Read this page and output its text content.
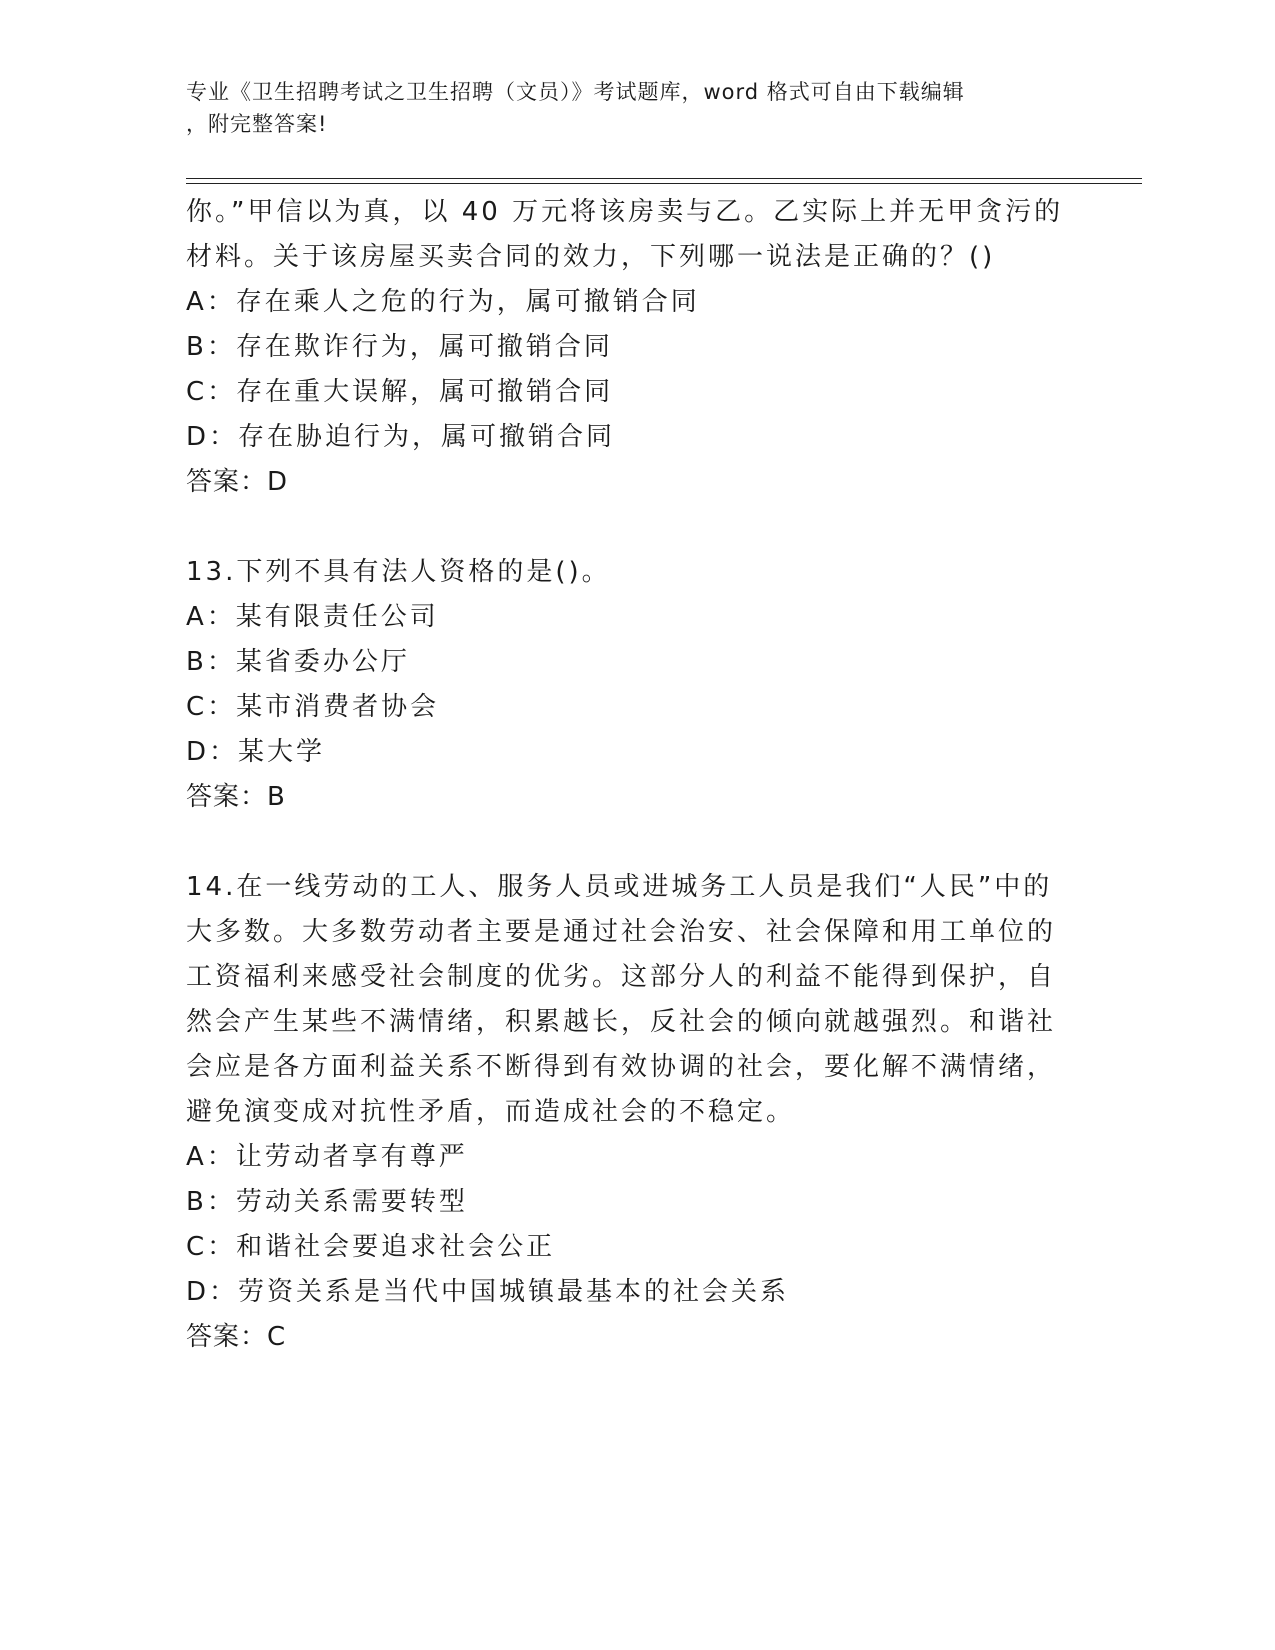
专业《卫生招聘考试之卫生招聘（文员）》考试题库，word 格式可自由下载编辑
，附完整答案!
你。”甲信以为真，以 40 万元将该房卖与乙。乙实际上并无甲贪污的
材料。关于该房屋买卖合同的效力，下列哪一说法是正确的？()
A：存在乘人之危的行为，属可撤销合同
B：存在欺诈行为，属可撤销合同
C：存在重大误解，属可撤销合同
D：存在胁迫行为，属可撤销合同
答案：D
13.下列不具有法人资格的是()。
A：某有限责任公司
B：某省委办公厅
C：某市消费者协会
D：某大学
答案：B
14.在一线劳动的工人、服务人员或进城务工人员是我们“人民”中的
大多数。大多数劳动者主要是通过社会治安、社会保障和用工单位的
工资福利来感受社会制度的优劣。这部分人的利益不能得到保护，自
然会产生某些不满情绪，积累越长，反社会的倾向就越强烈。和谐社
会应是各方面利益关系不断得到有效协调的社会，要化解不满情绪，
避免演变成对抗性矛盾，而造成社会的不稳定。
A：让劳动者享有尊严
B：劳动关系需要转型
C：和谐社会要追求社会公正
D：劳资关系是当代中国城镇最基本的社会关系
答案：C
